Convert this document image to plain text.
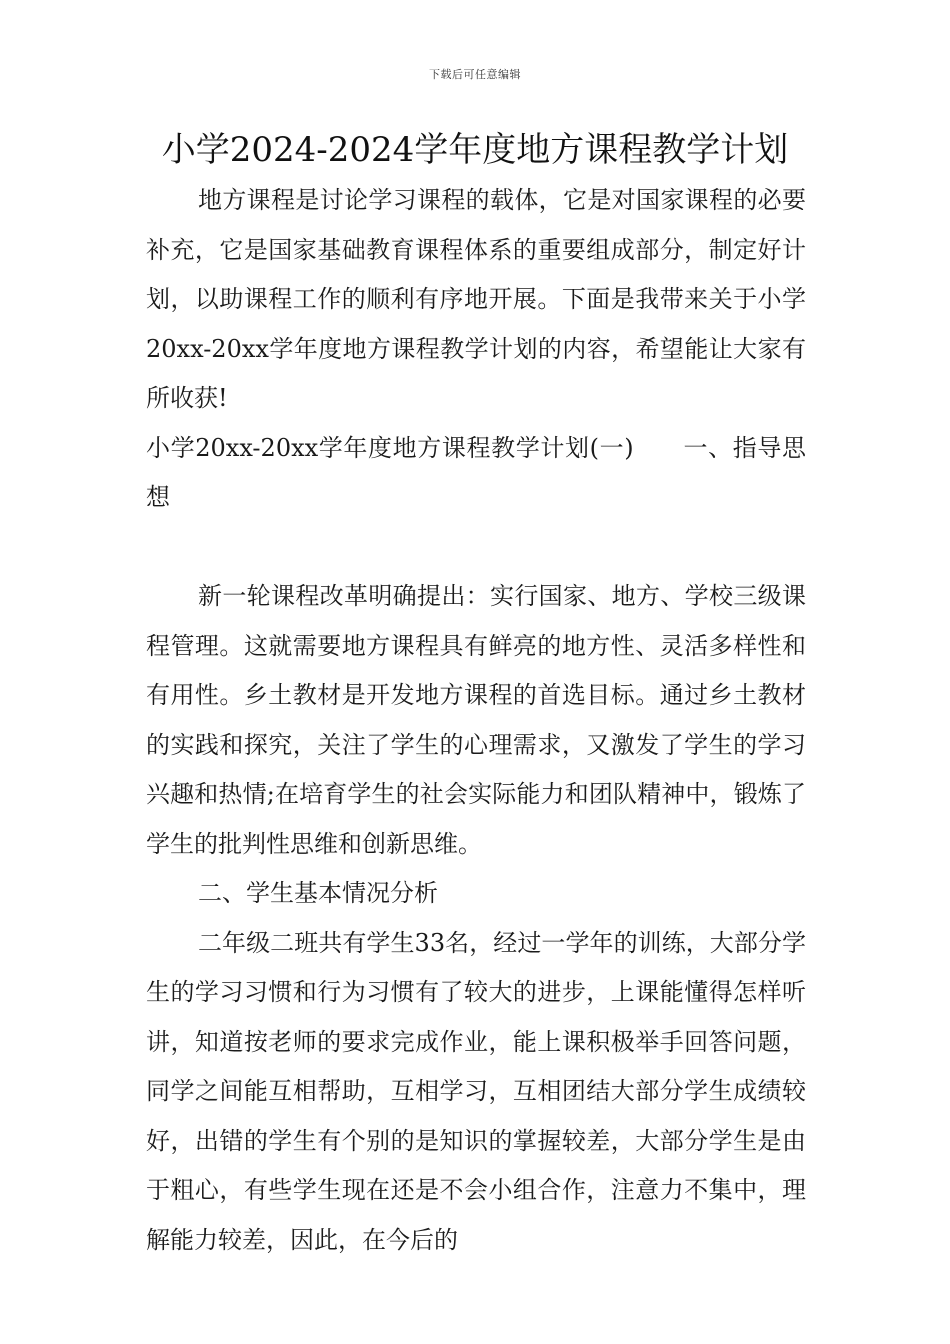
下载后可任意编辑
小学2024-2024学年度地方课程教学计划

地方课程是讨论学习课程的载体，它是对国家课程的必要补充，它是国家基础教育课程体系的重要组成部分，制定好计划，以助课程工作的顺利有序地开展。下面是我带来关于小学20xx-20xx学年度地方课程教学计划的内容，希望能让大家有所收获!

小学20xx-20xx学年度地方课程教学计划(一)　　一、指导思想

新一轮课程改革明确提出：实行国家、地方、学校三级课程管理。这就需要地方课程具有鲜亮的地方性、灵活多样性和有用性。乡土教材是开发地方课程的首选目标。通过乡土教材的实践和探究，关注了学生的心理需求，又激发了学生的学习兴趣和热情;在培育学生的社会实际能力和团队精神中，锻炼了学生的批判性思维和创新思维。

二、学生基本情况分析

二年级二班共有学生33名，经过一学年的训练，大部分学生的学习习惯和行为习惯有了较大的进步，上课能懂得怎样听讲，知道按老师的要求完成作业，能上课积极举手回答问题，同学之间能互相帮助，互相学习，互相团结大部分学生成绩较好，出错的学生有个别的是知识的掌握较差，大部分学生是由于粗心，有些学生现在还是不会小组合作，注意力不集中，理解能力较差，因此，在今后的
